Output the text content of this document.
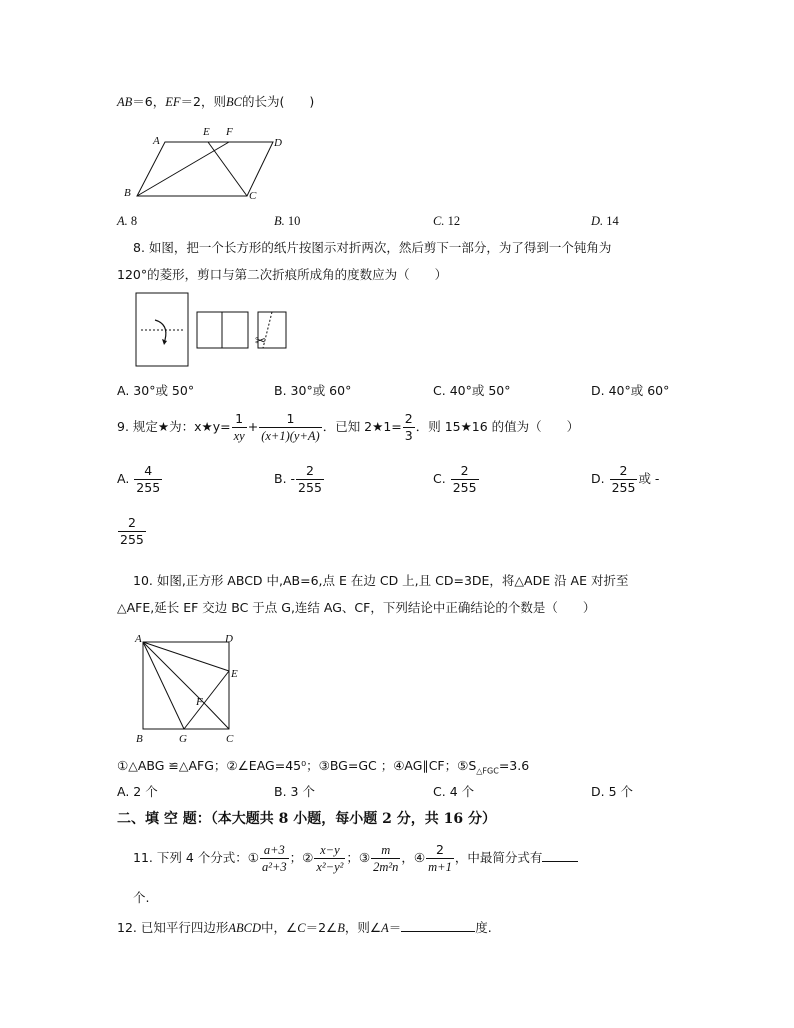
AB＝6，EF＝2，则BC的长为(　　)
A
E F
D
B	C
A. 8	B. 10	C. 12	D. 14
8. 如图，把一个长方形的纸片按图示对折两次，然后剪下一部分，为了得到一个钝角为
120°的菱形，剪口与第二次折痕所成角的度数应为（　　）
✂
A. 30°或 50°	B. 30°或 60°	C. 40°或 50°	D. 40°或 60°
9. 规定★为：x★y= $\frac{1}{xy} + \frac{1}{(x+1)(y+A)}$ ．已知 2★1= $\frac{2}{3}$ ．则 15★16 的值为（　　）
A. $\frac{4}{255}$	B. - $\frac{2}{255}$	C. $\frac{2}{255}$	D. $\frac{2}{255}$ 或 -
$\frac{2}{255}$
10. 如图,正方形 ABCD 中,AB=6,点 E 在边 CD 上,且 CD=3DE，将△ADE 沿 AE 对折至
△AFE,延长 EF 交边 BC 于点 G,连结 AG、CF，下列结论中正确结论的个数是（　　）
A	D
E
F
B	G	C
①△ABG ≌△AFG；②∠EAG=45⁰；③BG=GC ；④AG∥CF；$⑤S_{\triangle FGC}=3.6$
A. 2 个	B. 3 个	C. 4 个	D. 5 个
二、填 空 题：（本大题共 8 小题，每小题 2 分，共 16 分）
11. 下列 4 个分式：① $\frac{a+3}{\text{a²+3}}$ ；② $\frac{x-y}{\text{x²−y²}}$ ；③ $\frac{m}{\text{2m²n}}$ ，④ $\frac{2}{m+1}$ ，中最简分式有
个.
12. 已知平行四边形ABCD中，∠C＝2∠B，则∠A＝	度.
